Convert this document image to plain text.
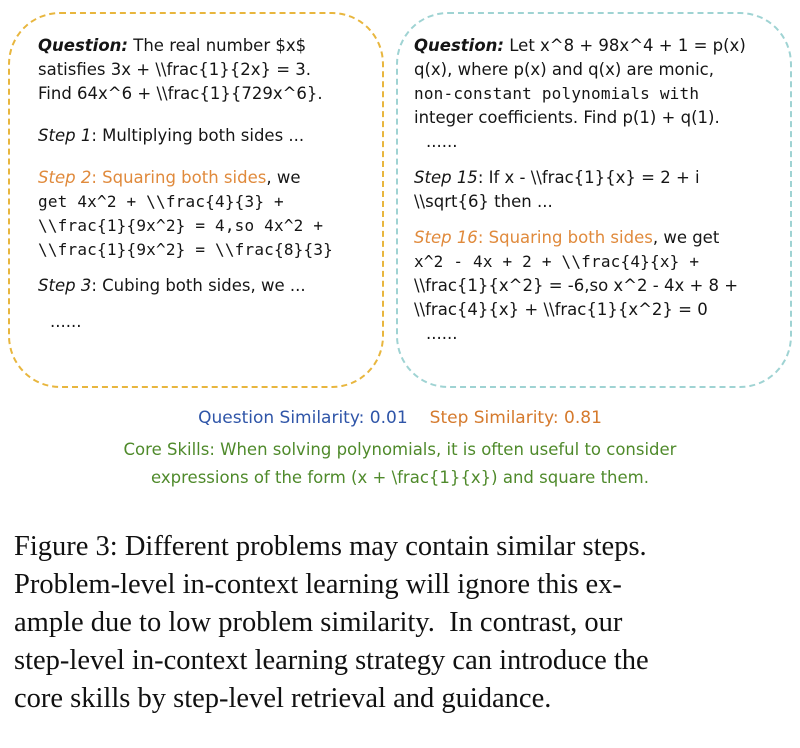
Question: The real number $x$
satisfies 3x + \\frac{1}{2x} = 3.
Find 64x^6 + \\frac{1}{729x^6}.
Step 1: Multiplying both sides ...
Step 2: Squaring both sides, we
get 4x^2 + \\frac{4}{3} +
\\frac{1}{9x^2} = 4,so 4x^2 +
\\frac{1}{9x^2} = \\frac{8}{3}
Step 3: Cubing both sides, we ...
......
Question: Let x^8 + 98x^4 + 1 = p(x)
q(x), where p(x) and q(x) are monic,
non-constant polynomials with
integer coefficients. Find p(1) + q(1).
......
Step 15: If x - \\frac{1}{x} = 2 + i
\\sqrt{6} then ...
Step 16: Squaring both sides, we get
x^2 - 4x + 2 + \\frac{4}{x} +
\\frac{1}{x^2} = -6,so x^2 - 4x + 8 +
\\frac{4}{x} + \\frac{1}{x^2} = 0
......
Question Similarity: 0.01 Step Similarity: 0.81
Core Skills: When solving polynomials, it is often useful to consider
expressions of the form (x + \frac{1}{x}) and square them.
Figure 3: Different problems may contain similar steps.
Problem-level in-context learning will ignore this ex-
ample due to low problem similarity.  In contrast, our
step-level in-context learning strategy can introduce the
core skills by step-level retrieval and guidance.
